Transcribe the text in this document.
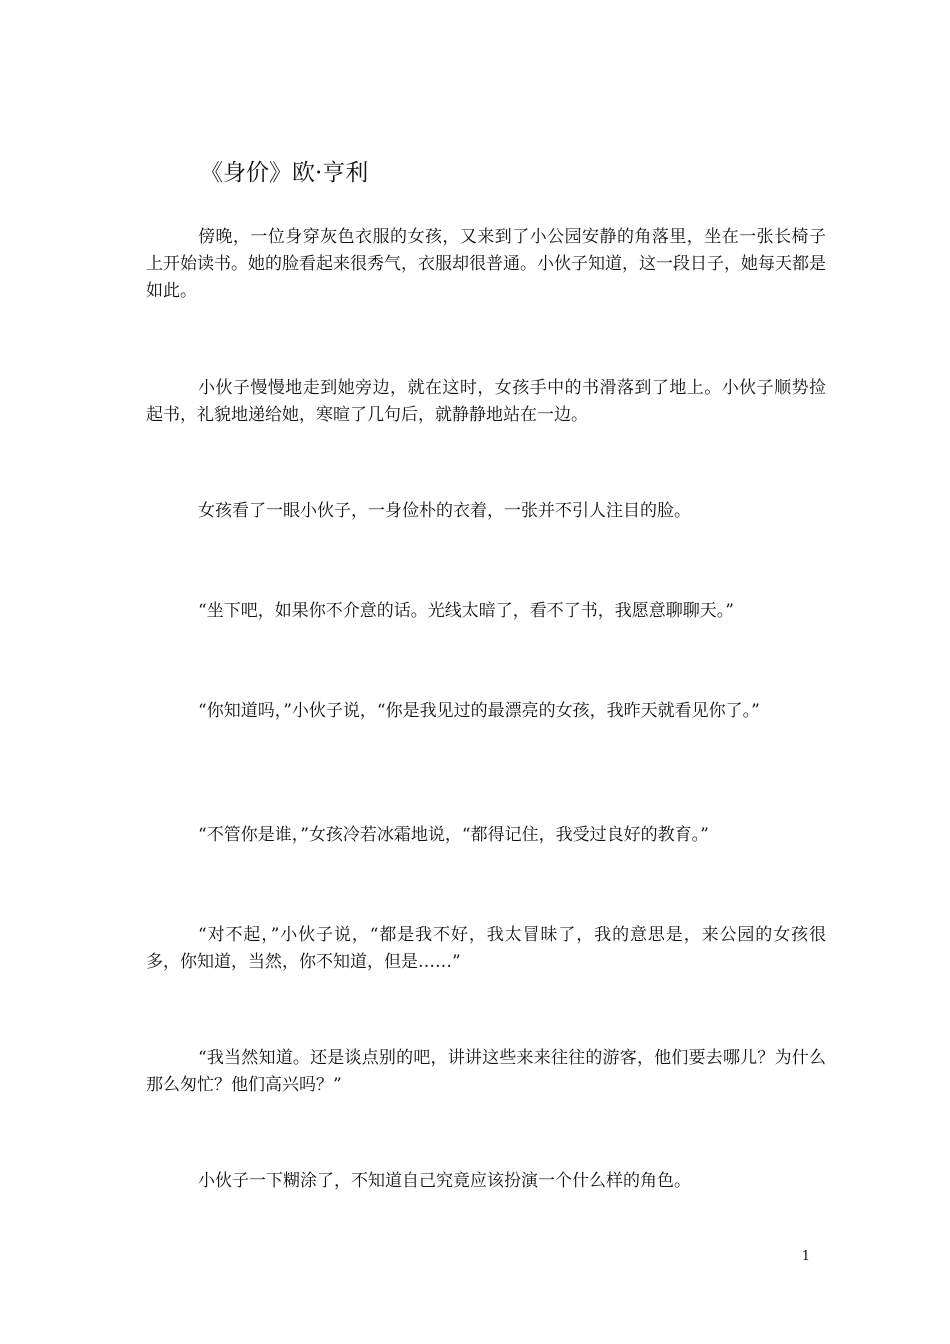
《身价》欧·亨利

傍晚，一位身穿灰色衣服的女孩，又来到了小公园安静的角落里，坐在一张长椅子上开始读书。她的脸看起来很秀气，衣服却很普通。小伙子知道，这一段日子，她每天都是如此。

小伙子慢慢地走到她旁边，就在这时，女孩手中的书滑落到了地上。小伙子顺势捡起书，礼貌地递给她，寒暄了几句后，就静静地站在一边。

女孩看了一眼小伙子，一身俭朴的衣着，一张并不引人注目的脸。

“坐下吧，如果你不介意的话。光线太暗了，看不了书，我愿意聊聊天。”

“你知道吗，”小伙子说，“你是我见过的最漂亮的女孩，我昨天就看见你了。”

“不管你是谁，”女孩冷若冰霜地说，“都得记住，我受过良好的教育。”

“对不起，”小伙子说，“都是我不好，我太冒昧了，我的意思是，来公园的女孩很多，你知道，当然，你不知道，但是……”

“我当然知道。还是谈点别的吧，讲讲这些来来往往的游客，他们要去哪儿？为什么那么匆忙？他们高兴吗？”

小伙子一下糊涂了，不知道自己究竟应该扮演一个什么样的角色。

1
